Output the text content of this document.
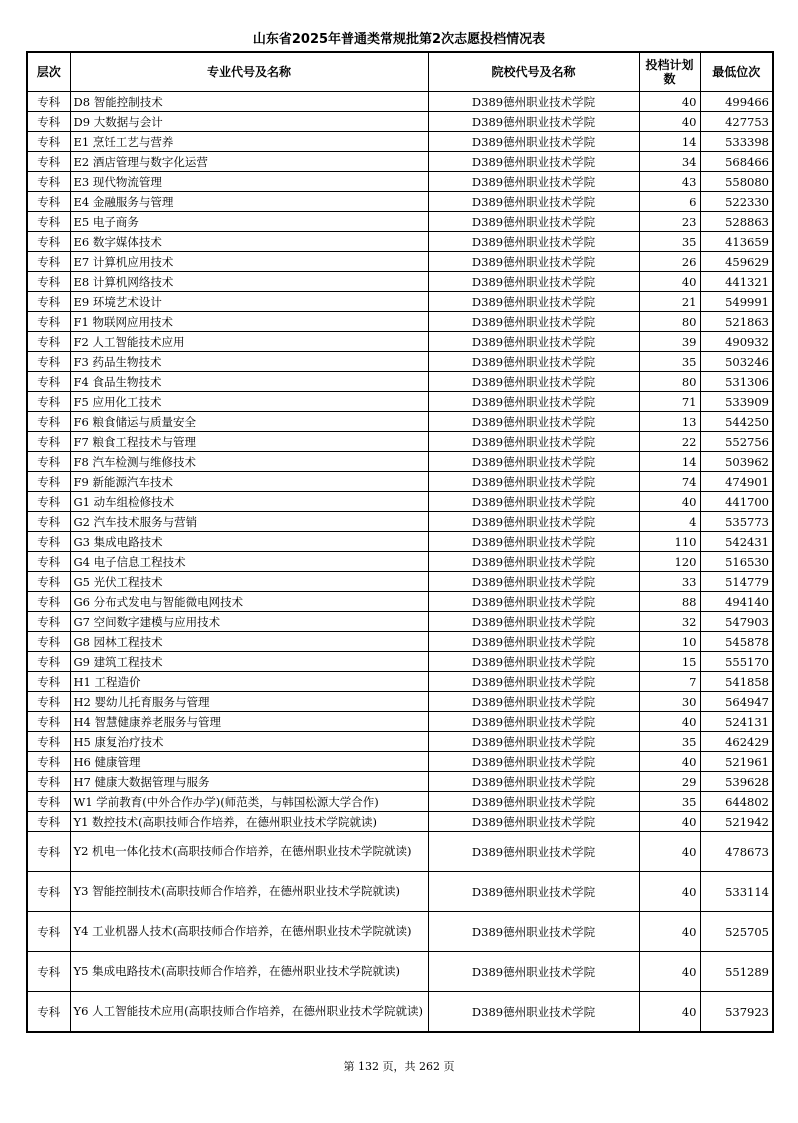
山东省2025年普通类常规批第2次志愿投档情况表
层次	专业代号及名称	院校代号及名称	投档计划数	最低位次
专科	D8 智能控制技术	D389德州职业技术学院	40	499466
专科	D9 大数据与会计	D389德州职业技术学院	40	427753
专科	E1 烹饪工艺与营养	D389德州职业技术学院	14	533398
专科	E2 酒店管理与数字化运营	D389德州职业技术学院	34	568466
专科	E3 现代物流管理	D389德州职业技术学院	43	558080
专科	E4 金融服务与管理	D389德州职业技术学院	6	522330
专科	E5 电子商务	D389德州职业技术学院	23	528863
专科	E6 数字媒体技术	D389德州职业技术学院	35	413659
专科	E7 计算机应用技术	D389德州职业技术学院	26	459629
专科	E8 计算机网络技术	D389德州职业技术学院	40	441321
专科	E9 环境艺术设计	D389德州职业技术学院	21	549991
专科	F1 物联网应用技术	D389德州职业技术学院	80	521863
专科	F2 人工智能技术应用	D389德州职业技术学院	39	490932
专科	F3 药品生物技术	D389德州职业技术学院	35	503246
专科	F4 食品生物技术	D389德州职业技术学院	80	531306
专科	F5 应用化工技术	D389德州职业技术学院	71	533909
专科	F6 粮食储运与质量安全	D389德州职业技术学院	13	544250
专科	F7 粮食工程技术与管理	D389德州职业技术学院	22	552756
专科	F8 汽车检测与维修技术	D389德州职业技术学院	14	503962
专科	F9 新能源汽车技术	D389德州职业技术学院	74	474901
专科	G1 动车组检修技术	D389德州职业技术学院	40	441700
专科	G2 汽车技术服务与营销	D389德州职业技术学院	4	535773
专科	G3 集成电路技术	D389德州职业技术学院	110	542431
专科	G4 电子信息工程技术	D389德州职业技术学院	120	516530
专科	G5 光伏工程技术	D389德州职业技术学院	33	514779
专科	G6 分布式发电与智能微电网技术	D389德州职业技术学院	88	494140
专科	G7 空间数字建模与应用技术	D389德州职业技术学院	32	547903
专科	G8 园林工程技术	D389德州职业技术学院	10	545878
专科	G9 建筑工程技术	D389德州职业技术学院	15	555170
专科	H1 工程造价	D389德州职业技术学院	7	541858
专科	H2 婴幼儿托育服务与管理	D389德州职业技术学院	30	564947
专科	H4 智慧健康养老服务与管理	D389德州职业技术学院	40	524131
专科	H5 康复治疗技术	D389德州职业技术学院	35	462429
专科	H6 健康管理	D389德州职业技术学院	40	521961
专科	H7 健康大数据管理与服务	D389德州职业技术学院	29	539628
专科	W1 学前教育(中外合作办学)(师范类，与韩国松源大学合作)	D389德州职业技术学院	35	644802
专科	Y1 数控技术(高职技师合作培养，在德州职业技术学院就读)	D389德州职业技术学院	40	521942
专科	Y2 机电一体化技术(高职技师合作培养，在德州职业技术学院就读)	D389德州职业技术学院	40	478673
专科	Y3 智能控制技术(高职技师合作培养，在德州职业技术学院就读)	D389德州职业技术学院	40	533114
专科	Y4 工业机器人技术(高职技师合作培养，在德州职业技术学院就读)	D389德州职业技术学院	40	525705
专科	Y5 集成电路技术(高职技师合作培养，在德州职业技术学院就读)	D389德州职业技术学院	40	551289
专科	Y6 人工智能技术应用(高职技师合作培养，在德州职业技术学院就读)	D389德州职业技术学院	40	537923
第 132 页，共 262 页
